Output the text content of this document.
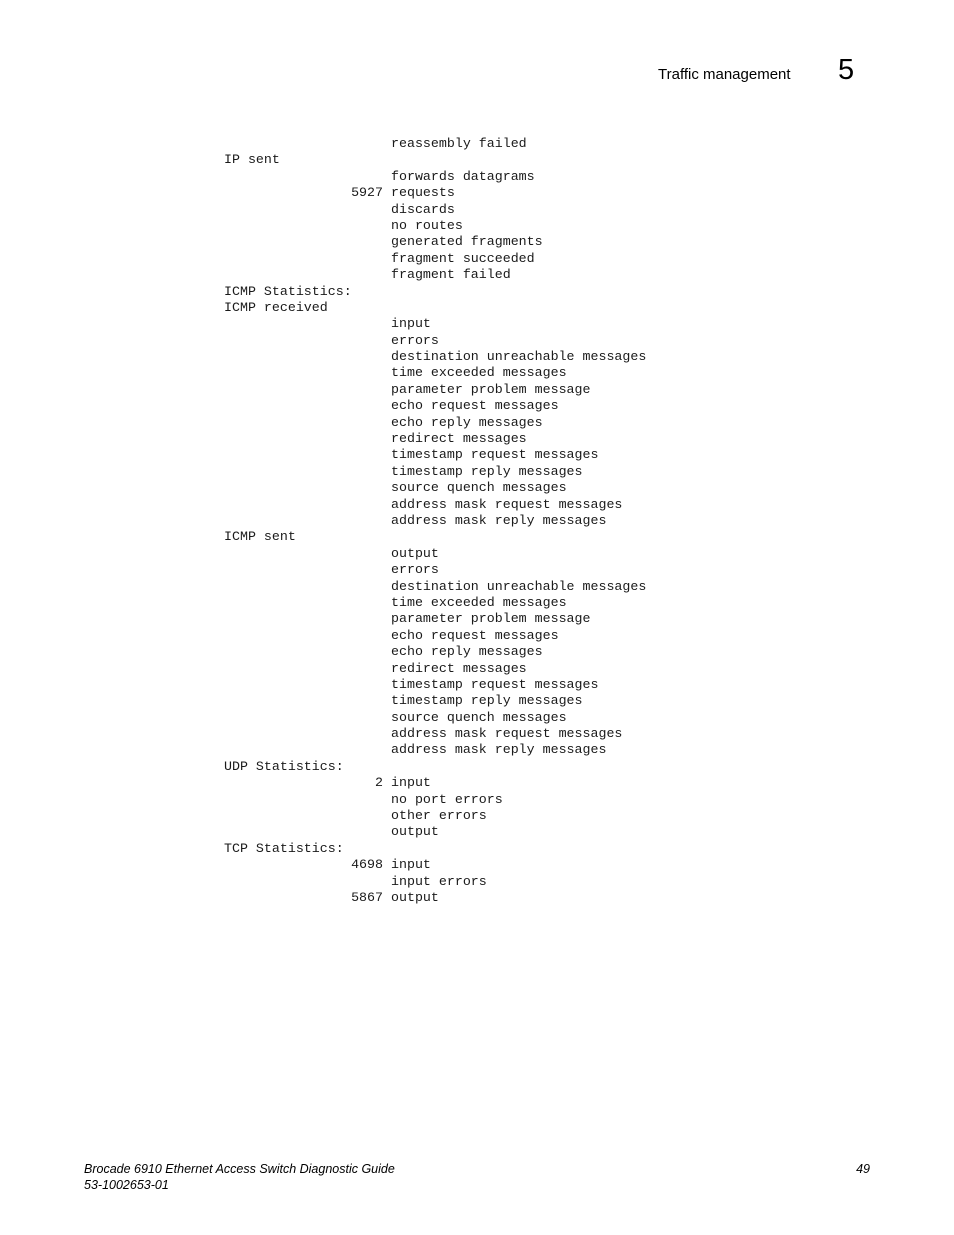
Traffic management 5
reassembly failed
IP sent
forwards datagrams
5927 requests
discards
no routes
generated fragments
fragment succeeded
fragment failed
ICMP Statistics:
ICMP received
input
errors
destination unreachable messages
time exceeded messages
parameter problem message
echo request messages
echo reply messages
redirect messages
timestamp request messages
timestamp reply messages
source quench messages
address mask request messages
address mask reply messages
ICMP sent
output
errors
destination unreachable messages
time exceeded messages
parameter problem message
echo request messages
echo reply messages
redirect messages
timestamp request messages
timestamp reply messages
source quench messages
address mask request messages
address mask reply messages
UDP Statistics:
2 input
no port errors
other errors
output
TCP Statistics:
4698 input
input errors
5867 output
Brocade 6910 Ethernet Access Switch Diagnostic Guide
53-1002653-01
49
